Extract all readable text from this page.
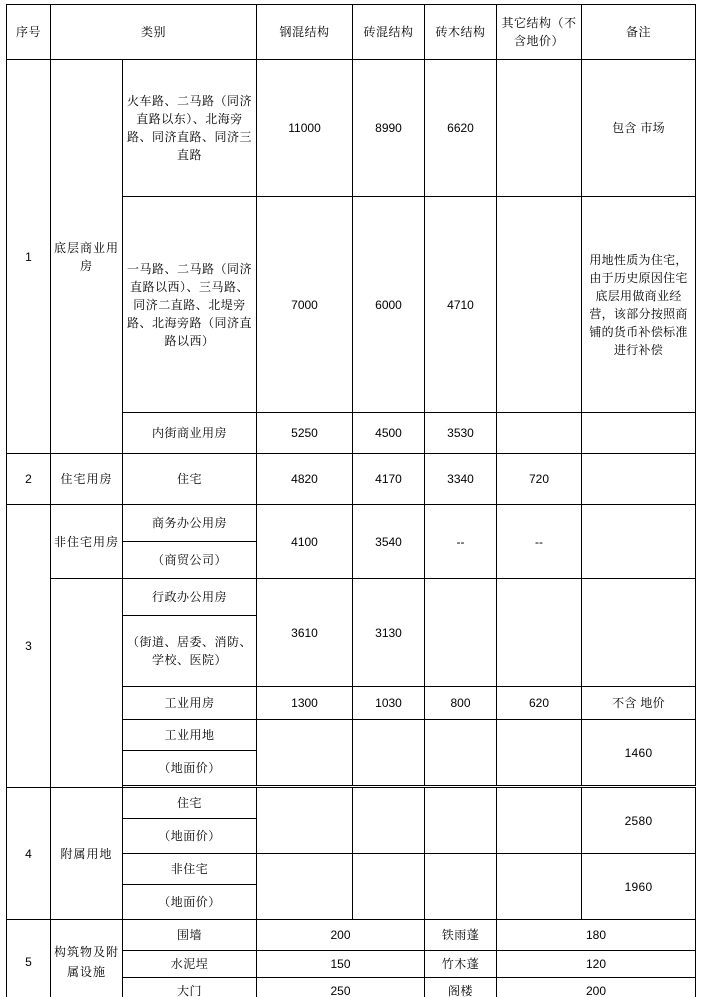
序号	类别		钢混结构	砖混结构	砖木结构	其它结构（不含地价）	备注
1	底层商业用房	火车路、二马路（同济直路以东）、北海旁路、同济直路、同济三直路	11000	8990	6620		包含 市场
		一马路、二马路（同济直路以西）、三马路、同济二直路、北堤旁路、北海旁路（同济直路以西）	7000	6000	4710		用地性质为住宅，由于历史原因住宅底层用做商业经营，该部分按照商铺的货币补偿标准进行补偿
		内街商业用房	5250	4500	3530		
2	住宅用房	住宅	4820	4170	3340	720	
3	非住宅用房	商务办公用房	4100	3540	--	--	
		（商贸公司）					
		行政办公用房	3610	3130			
		（街道、居委、消防、学校、医院）					
		工业用房	1300	1030	800	620	不含 地价
		工业用地					1460
		（地面价）					

4	附属用地	住宅					2580
		（地面价）					
		非住宅					1960
		（地面价）					
5	构筑物及附属设施	围墙	200		铁雨蓬	180	
		水泥埕	150		竹木蓬	120	
		大门	250		阁楼	200	
